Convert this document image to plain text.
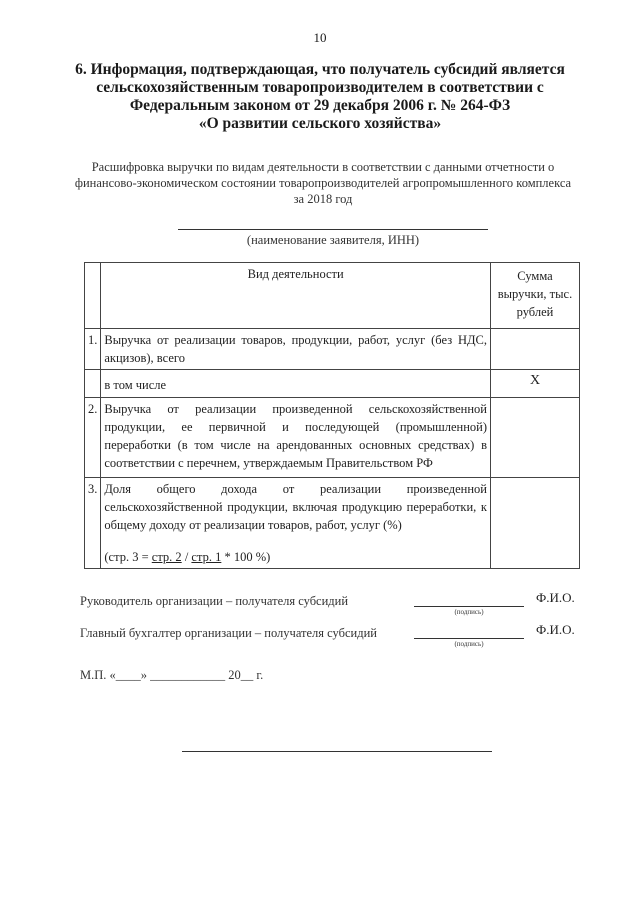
10
6. Информация, подтверждающая, что получатель субсидий является
сельскохозяйственным товаропроизводителем в соответствии с
Федеральным законом от 29 декабря 2006 г. № 264-ФЗ
«О развитии сельского хозяйства»
Расшифровка выручки по видам деятельности в соответствии с данными отчетности о
финансово-экономическом состоянии товаропроизводителей агропромышленного комплекса
за 2018 год
(наименование заявителя, ИНН)
	Вид деятельности	Сумма выручки, тыс. рублей
1.	Выручка от реализации товаров, продукции, работ, услуг (без НДС, акцизов), всего	
	в том числе	Х
2.	Выручка от реализации произведенной сельскохозяйственной продукции, ее первичной и последующей (промышленной) переработки (в том числе на арендованных основных средствах) в соответствии с перечнем, утверждаемым Правительством РФ	
3.	Доля общего дохода от реализации произведенной сельскохозяйственной продукции, включая продукцию переработки, к общему доходу от реализации товаров, работ, услуг (%)
(стр. 3 = стр. 2 / стр. 1 * 100 %)	

Руководитель организации – получателя субсидий
(подпись)
Ф.И.О.
Главный бухгалтер организации – получателя субсидий
(подпись)
Ф.И.О.
М.П. «____» ____________ 20__ г.
